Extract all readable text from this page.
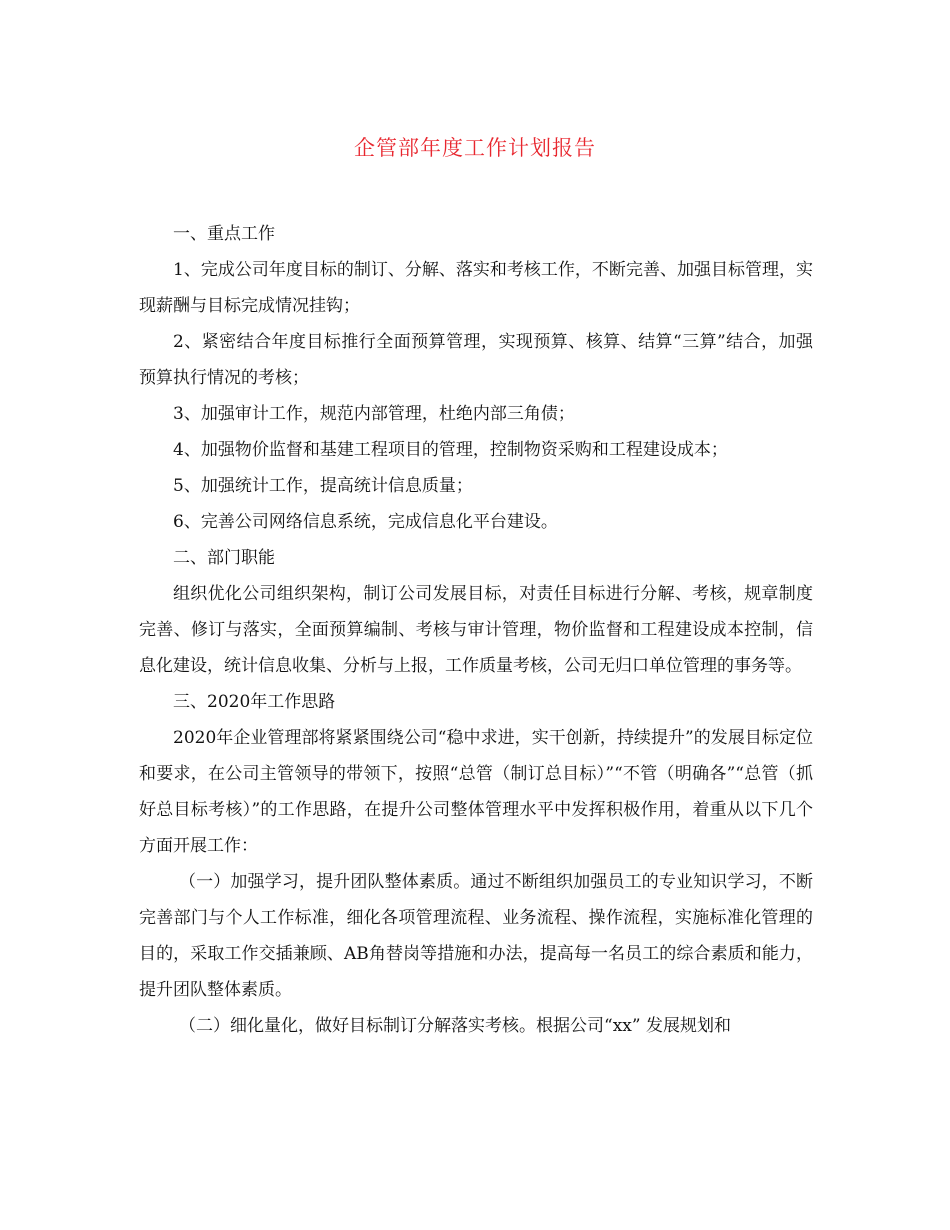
企管部年度工作计划报告

一、重点工作

1、完成公司年度目标的制订、分解、落实和考核工作，不断完善、加强目标管理，实现薪酬与目标完成情况挂钩；

2、紧密结合年度目标推行全面预算管理，实现预算、核算、结算“三算”结合，加强预算执行情况的考核；

3、加强审计工作，规范内部管理，杜绝内部三角债；

4、加强物价监督和基建工程项目的管理，控制物资采购和工程建设成本；

5、加强统计工作，提高统计信息质量；

6、完善公司网络信息系统，完成信息化平台建设。

二、部门职能

组织优化公司组织架构，制订公司发展目标，对责任目标进行分解、考核，规章制度完善、修订与落实，全面预算编制、考核与审计管理，物价监督和工程建设成本控制，信息化建设，统计信息收集、分析与上报，工作质量考核，公司无归口单位管理的事务等。

三、2020年工作思路

2020年企业管理部将紧紧围绕公司“稳中求进，实干创新，持续提升”的发展目标定位和要求，在公司主管领导的带领下，按照“总管（制订总目标）”“不管（明确各”“总管（抓好总目标考核）”的工作思路，在提升公司整体管理水平中发挥积极作用，着重从以下几个方面开展工作：

（一）加强学习，提升团队整体素质。通过不断组织加强员工的专业知识学习，不断完善部门与个人工作标准，细化各项管理流程、业务流程、操作流程，实施标准化管理的目的，采取工作交插兼顾、AB角替岗等措施和办法，提高每一名员工的综合素质和能力，提升团队整体素质。

（二）细化量化，做好目标制订分解落实考核。根据公司“xx” 发展规划和
